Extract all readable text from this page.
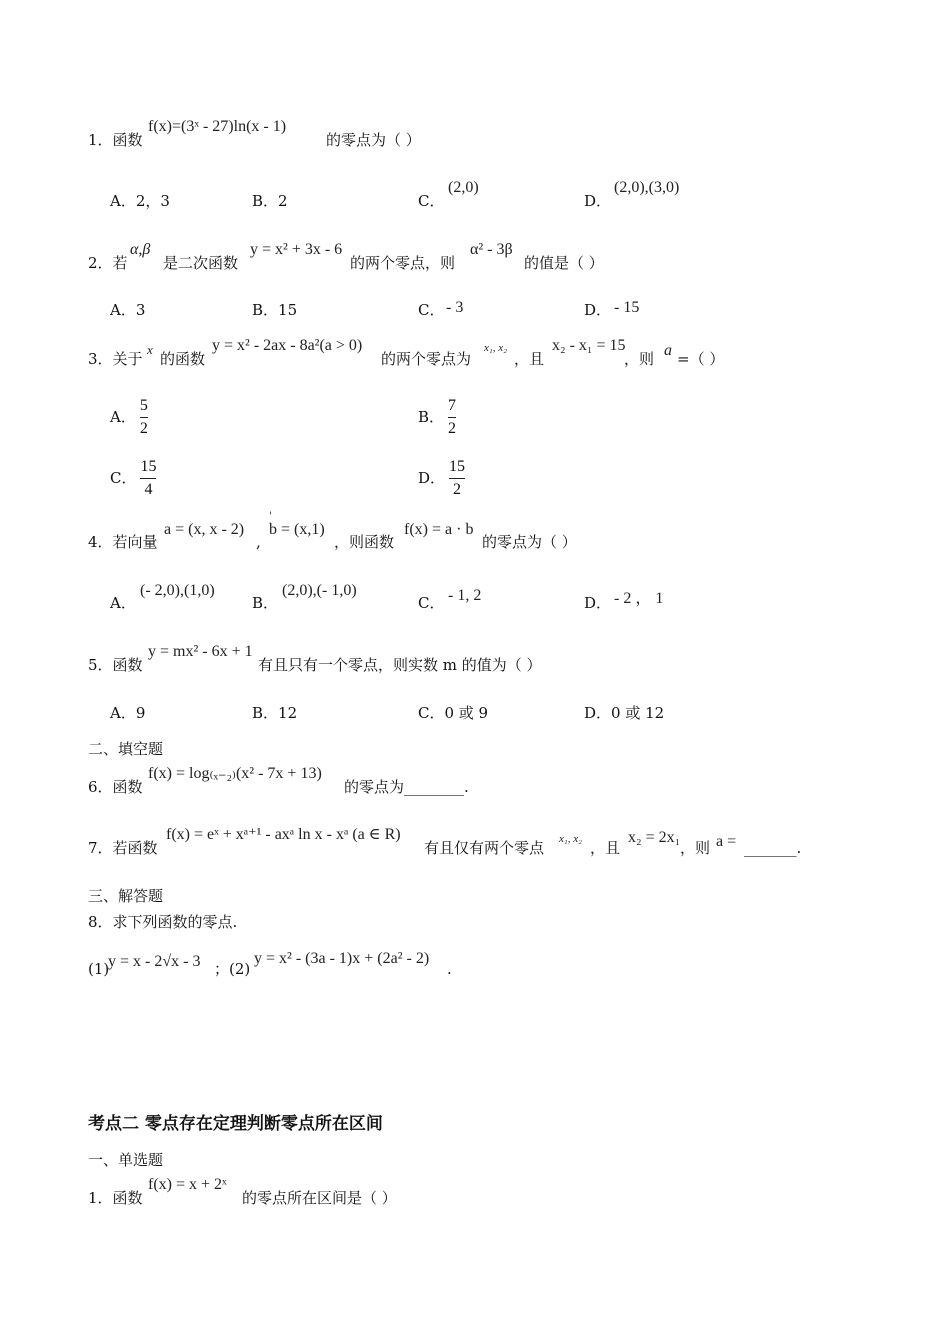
1．函数
f(x)=(3ˣ - 27)ln(x - 1)
的零点为（ ）
A．2，3	B．2	C．
(2,0)
D．
(2,0),(3,0)
2．若
α,β
是二次函数
y = x² + 3x - 6
的两个零点，则
α² - 3β
的值是（ ）
A．3	B．15	C． - 3	D． - 15
3．关于
x
的函数
y = x² - 2ax - 8a²(a > 0)
的两个零点为
x₁, x₂
，且
x₂ - x₁ = 15
，则 a =（ ）
A． $\frac{5}{2}$	B． $\frac{7}{2}$
C． $\frac{15}{4}$	D． $\frac{15}{2}$
4．若向量
a = (x, x - 2)
,
'
b = (x,1)
，则函数
f(x) = a · b
的零点为（ ）
A．
(- 2,0),(1,0)
B．
(2,0),(- 1,0)
C． - 1, 2	D． - 2 ， 1
5．函数
y = mx² - 6x + 1
有且只有一个零点，则实数 m 的值为（ ）
A．9	B．12	C．0 或 9	D．0 或 12
二、填空题
6．函数
f(x) = log₍ₓ₋₂₎(x² - 7x + 13)
的零点为________.
7．若函数
f(x) = eˣ + xᵃ⁺¹ - axᵃ ln x - xᵃ (a ∈ R)
有且仅有两个零点 x₁, x₂ ，且
x₂ = 2x₁
，则 a = _______.
三、解答题
8．求下列函数的零点.
(1)
y = x - 2√x - 3 ；(2)
y = x² - (3a - 1)x + (2a² - 2)
.
考点二 零点存在定理判断零点所在区间
一、单选题
1．函数
f(x) = x + 2ˣ
的零点所在区间是（ ）
